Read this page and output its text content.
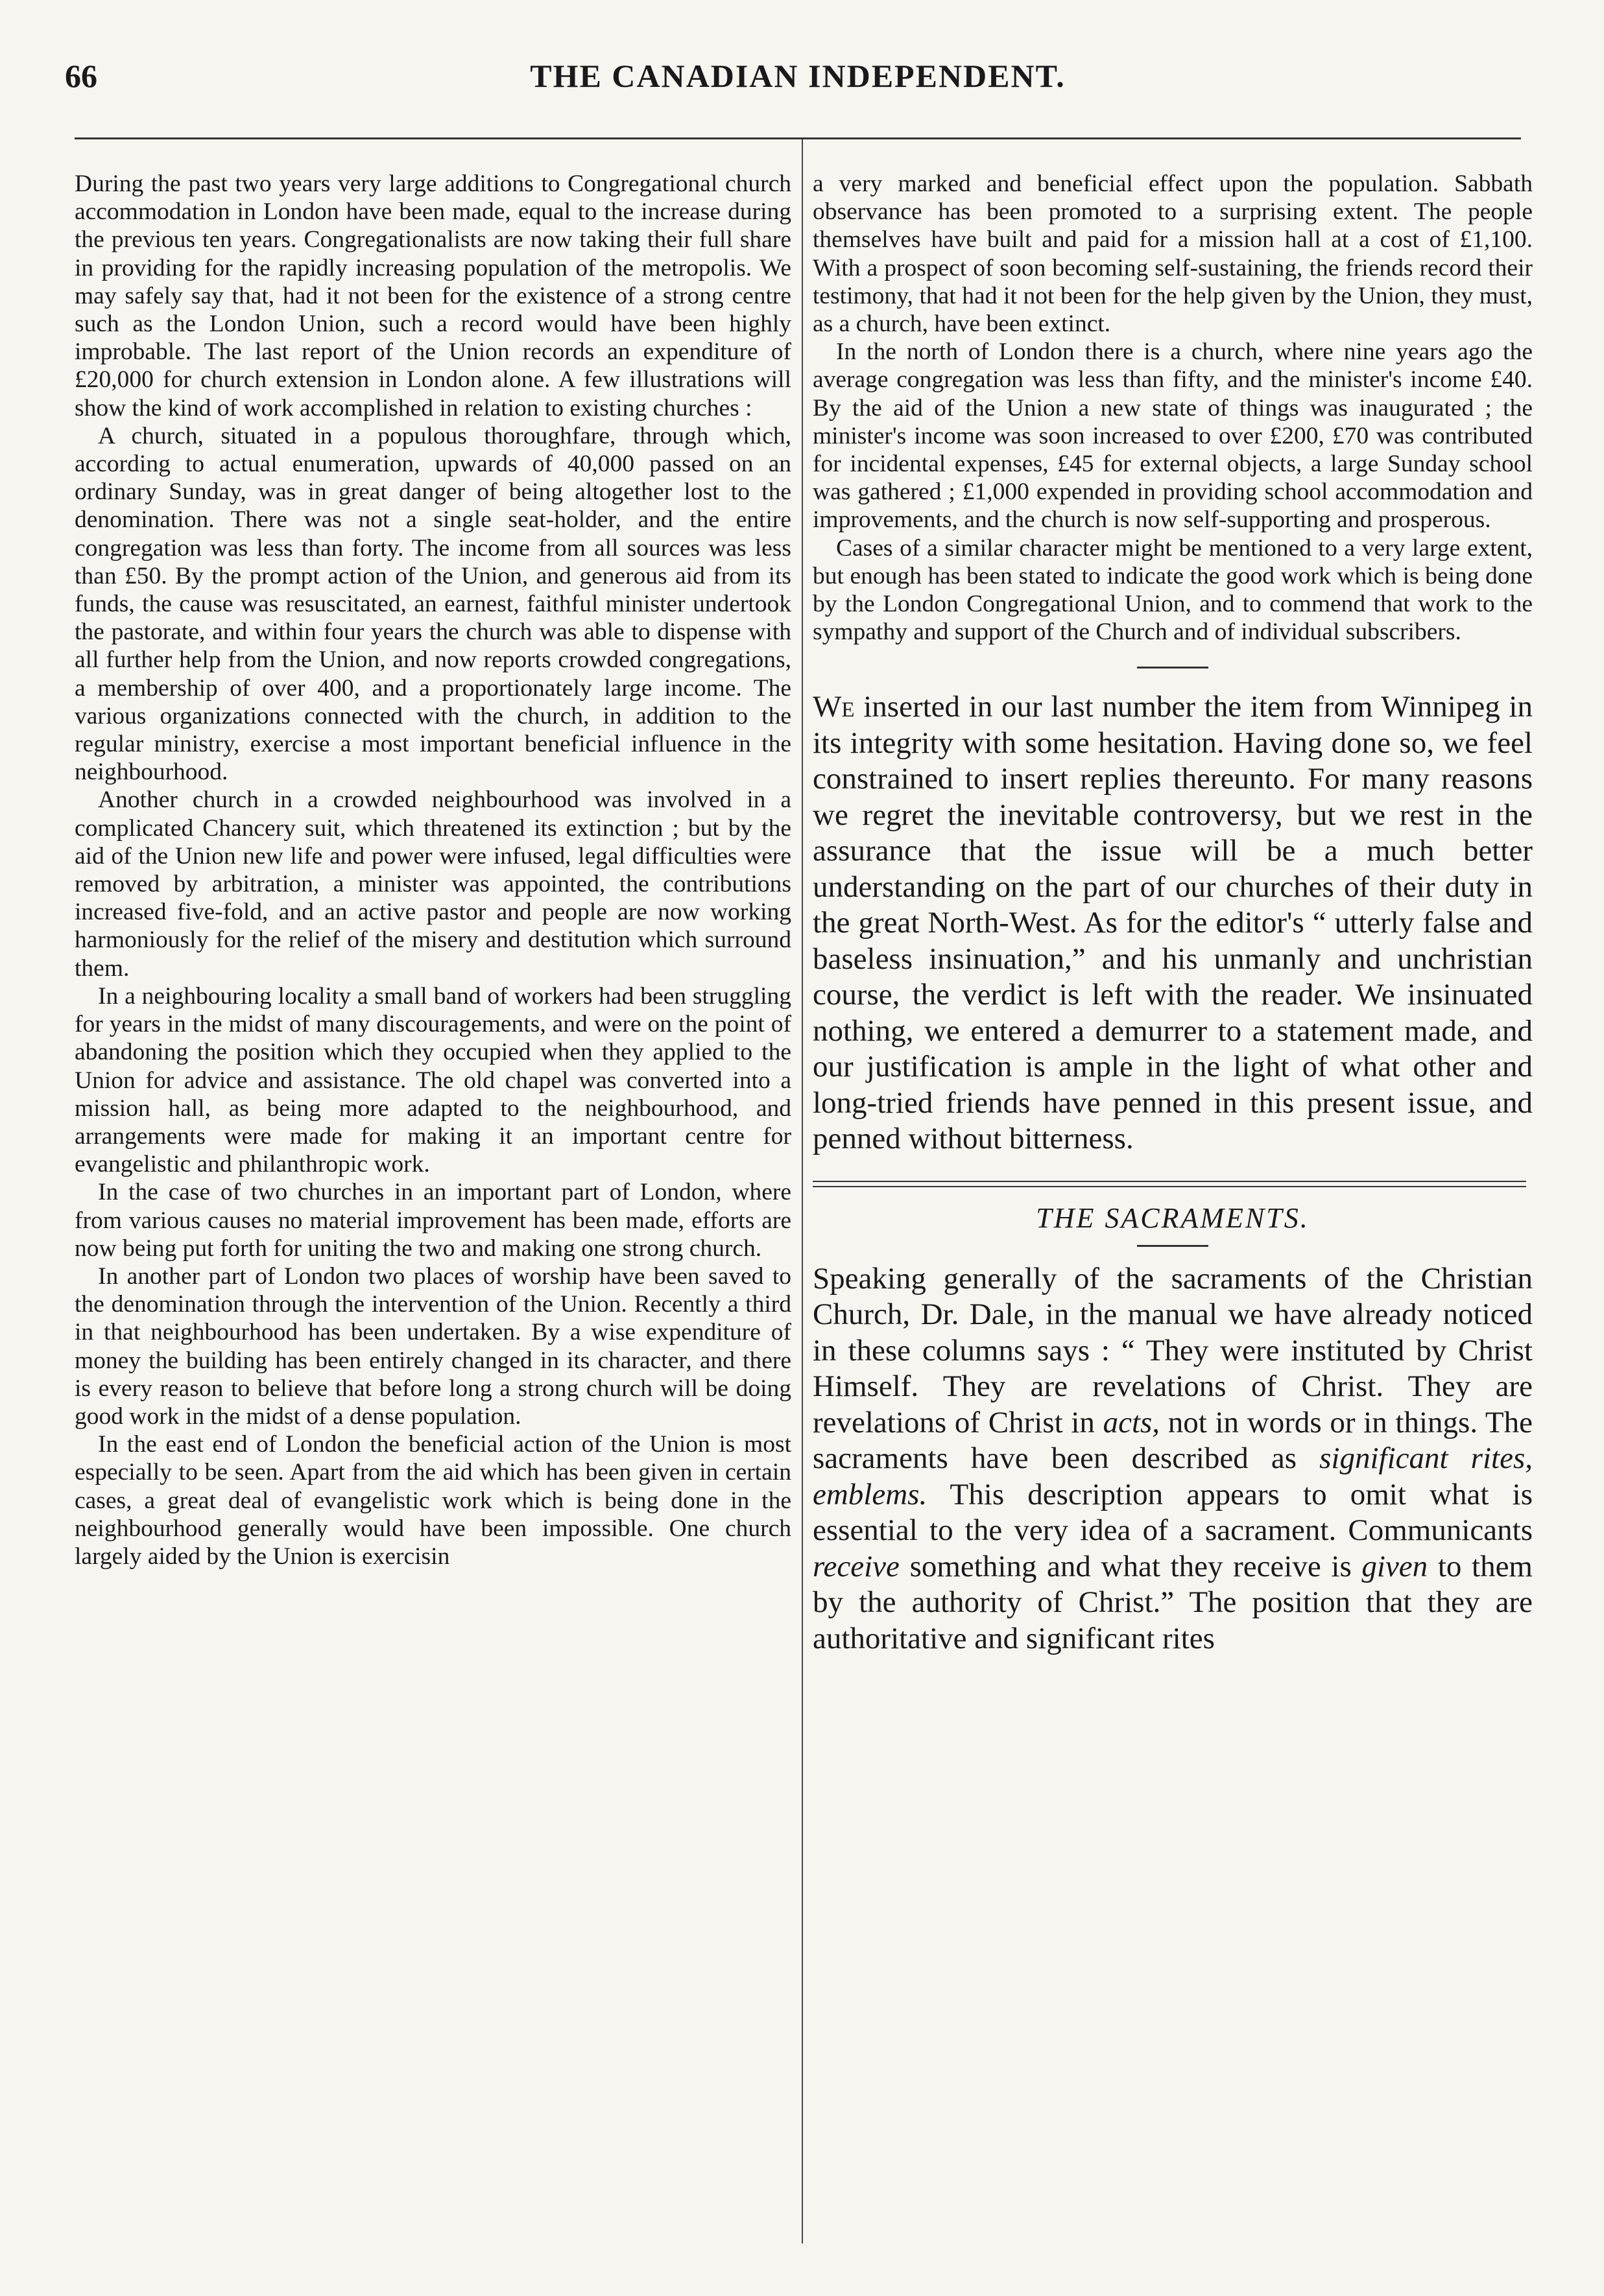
66	THE CANADIAN INDEPENDENT.

During the past two years very large additions to Congregational church accommodation in London have been made, equal to the increase during the previous ten years. Congregationalists are now taking their full share in providing for the rapidly increasing population of the metropolis. We may safely say that, had it not been for the existence of a strong centre such as the London Union, such a record would have been highly improbable. The last report of the Union records an expenditure of £20,000 for church extension in London alone. A few illustrations will show the kind of work accomplished in relation to existing churches :

A church, situated in a populous thoroughfare, through which, according to actual enumeration, upwards of 40,000 passed on an ordinary Sunday, was in great danger of being altogether lost to the denomination. There was not a single seat-holder, and the entire congregation was less than forty. The income from all sources was less than £50. By the prompt action of the Union, and generous aid from its funds, the cause was resuscitated, an earnest, faithful minister undertook the pastorate, and within four years the church was able to dispense with all further help from the Union, and now reports crowded congregations, a membership of over 400, and a proportionately large income. The various organizations connected with the church, in addition to the regular ministry, exercise a most important beneficial influence in the neighbourhood.

Another church in a crowded neighbourhood was involved in a complicated Chancery suit, which threatened its extinction ; but by the aid of the Union new life and power were infused, legal difficulties were removed by arbitration, a minister was appointed, the contributions increased five-fold, and an active pastor and people are now working harmoniously for the relief of the misery and destitution which surround them.

In a neighbouring locality a small band of workers had been struggling for years in the midst of many discouragements, and were on the point of abandoning the position which they occupied when they applied to the Union for advice and assistance. The old chapel was converted into a mission hall, as being more adapted to the neighbourhood, and arrangements were made for making it an important centre for evangelistic and philanthropic work.

In the case of two churches in an important part of London, where from various causes no material improvement has been made, efforts are now being put forth for uniting the two and making one strong church.

In another part of London two places of worship have been saved to the denomination through the intervention of the Union. Recently a third in that neighbourhood has been undertaken. By a wise expenditure of money the building has been entirely changed in its character, and there is every reason to believe that before long a strong church will be doing good work in the midst of a dense population.

In the east end of London the beneficial action of the Union is most especially to be seen. Apart from the aid which has been given in certain cases, a great deal of evangelistic work which is being done in the neighbourhood generally would have been impossible. One church largely aided by the Union is exercisin

a very marked and beneficial effect upon the population. Sabbath observance has been promoted to a surprising extent. The people themselves have built and paid for a mission hall at a cost of £1,100. With a prospect of soon becoming self-sustaining, the friends record their testimony, that had it not been for the help given by the Union, they must, as a church, have been extinct.

In the north of London there is a church, where nine years ago the average congregation was less than fifty, and the minister's income £40. By the aid of the Union a new state of things was inaugurated ; the minister's income was soon increased to over £200, £70 was contributed for incidental expenses, £45 for external objects, a large Sunday school was gathered ; £1,000 expended in providing school accommodation and improvements, and the church is now self-supporting and prosperous.

Cases of a similar character might be mentioned to a very large extent, but enough has been stated to indicate the good work which is being done by the London Congregational Union, and to commend that work to the sympathy and support of the Church and of individual subscribers.

We inserted in our last number the item from Winnipeg in its integrity with some hesitation. Having done so, we feel constrained to insert replies thereunto. For many reasons we regret the inevitable controversy, but we rest in the assurance that the issue will be a much better understanding on the part of our churches of their duty in the great North-West. As for the editor's “ utterly false and baseless insinuation,” and his unmanly and unchristian course, the verdict is left with the reader. We insinuated nothing, we entered a demurrer to a statement made, and our justification is ample in the light of what other and long-tried friends have penned in this present issue, and penned without bitterness.

THE SACRAMENTS.

Speaking generally of the sacraments of the Christian Church, Dr. Dale, in the manual we have already noticed in these columns says : “ They were instituted by Christ Himself. They are revelations of Christ. They are revelations of Christ in acts, not in words or in things. The sacraments have been described as significant rites, emblems. This description appears to omit what is essential to the very idea of a sacrament. Communicants receive something and what they receive is given to them by the authority of Christ.” The position that they are authoritative and significant rites
